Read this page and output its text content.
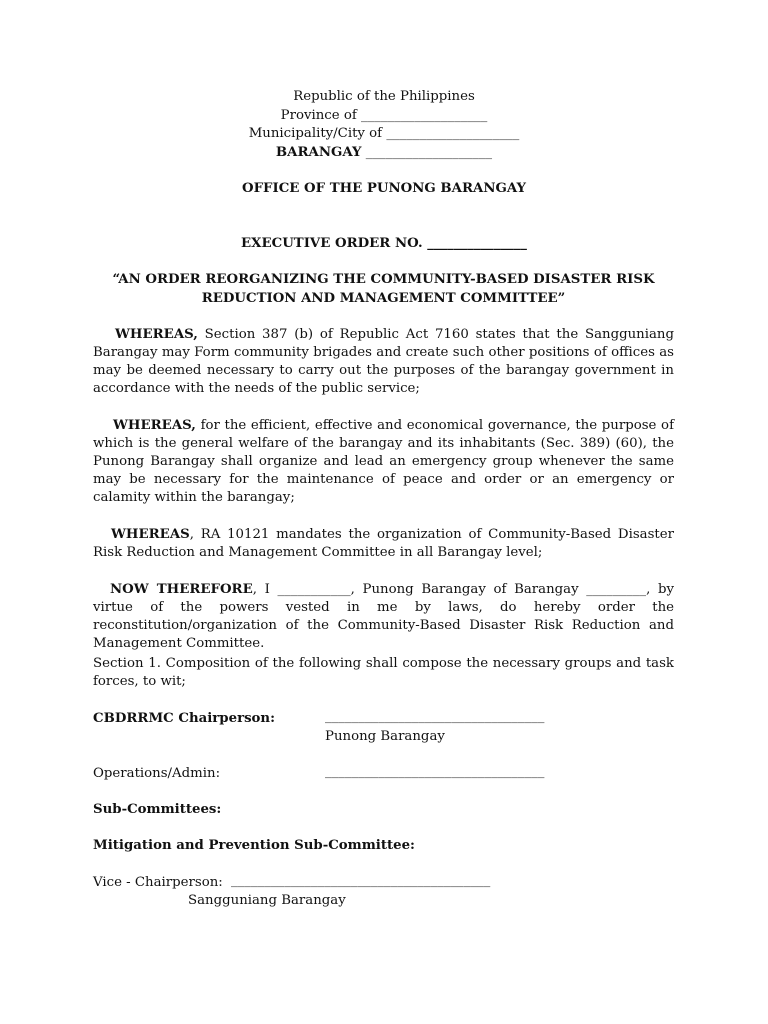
Republic of the Philippines
Province of ___________________
Municipality/City of ____________________
BARANGAY ___________________
OFFICE OF THE PUNONG BARANGAY
EXECUTIVE ORDER NO. _______________
“AN ORDER REORGANIZING THE COMMUNITY-BASED DISASTER RISK REDUCTION AND MANAGEMENT COMMITTEE”
WHEREAS, Section 387 (b) of Republic Act 7160 states that the Sangguniang Barangay may Form community brigades and create such other positions of offices as may be deemed necessary to carry out the purposes of the barangay government in accordance with the needs of the public service;
WHEREAS, for the efficient, effective and economical governance, the purpose of which is the general welfare of the barangay and its inhabitants (Sec. 389) (60), the Punong Barangay shall organize and lead an emergency group whenever the same may be necessary for the maintenance of peace and order or an emergency or calamity within the barangay;
WHEREAS, RA 10121 mandates the organization of Community-Based Disaster Risk Reduction and Management Committee in all Barangay level;
NOW THEREFORE, I ___________, Punong Barangay of Barangay _________, by virtue of the powers vested in me by laws, do hereby order the reconstitution/organization of the Community-Based Disaster Risk Reduction and Management Committee.
Section 1. Composition of the following shall compose the necessary groups and task forces, to wit;
CBDRRMC Chairperson:	_________________________________
Punong Barangay
Operations/Admin:	_________________________________
Sub-Committees:
Mitigation and Prevention Sub-Committee:
Vice - Chairperson: _______________________________________
Sangguniang Barangay
